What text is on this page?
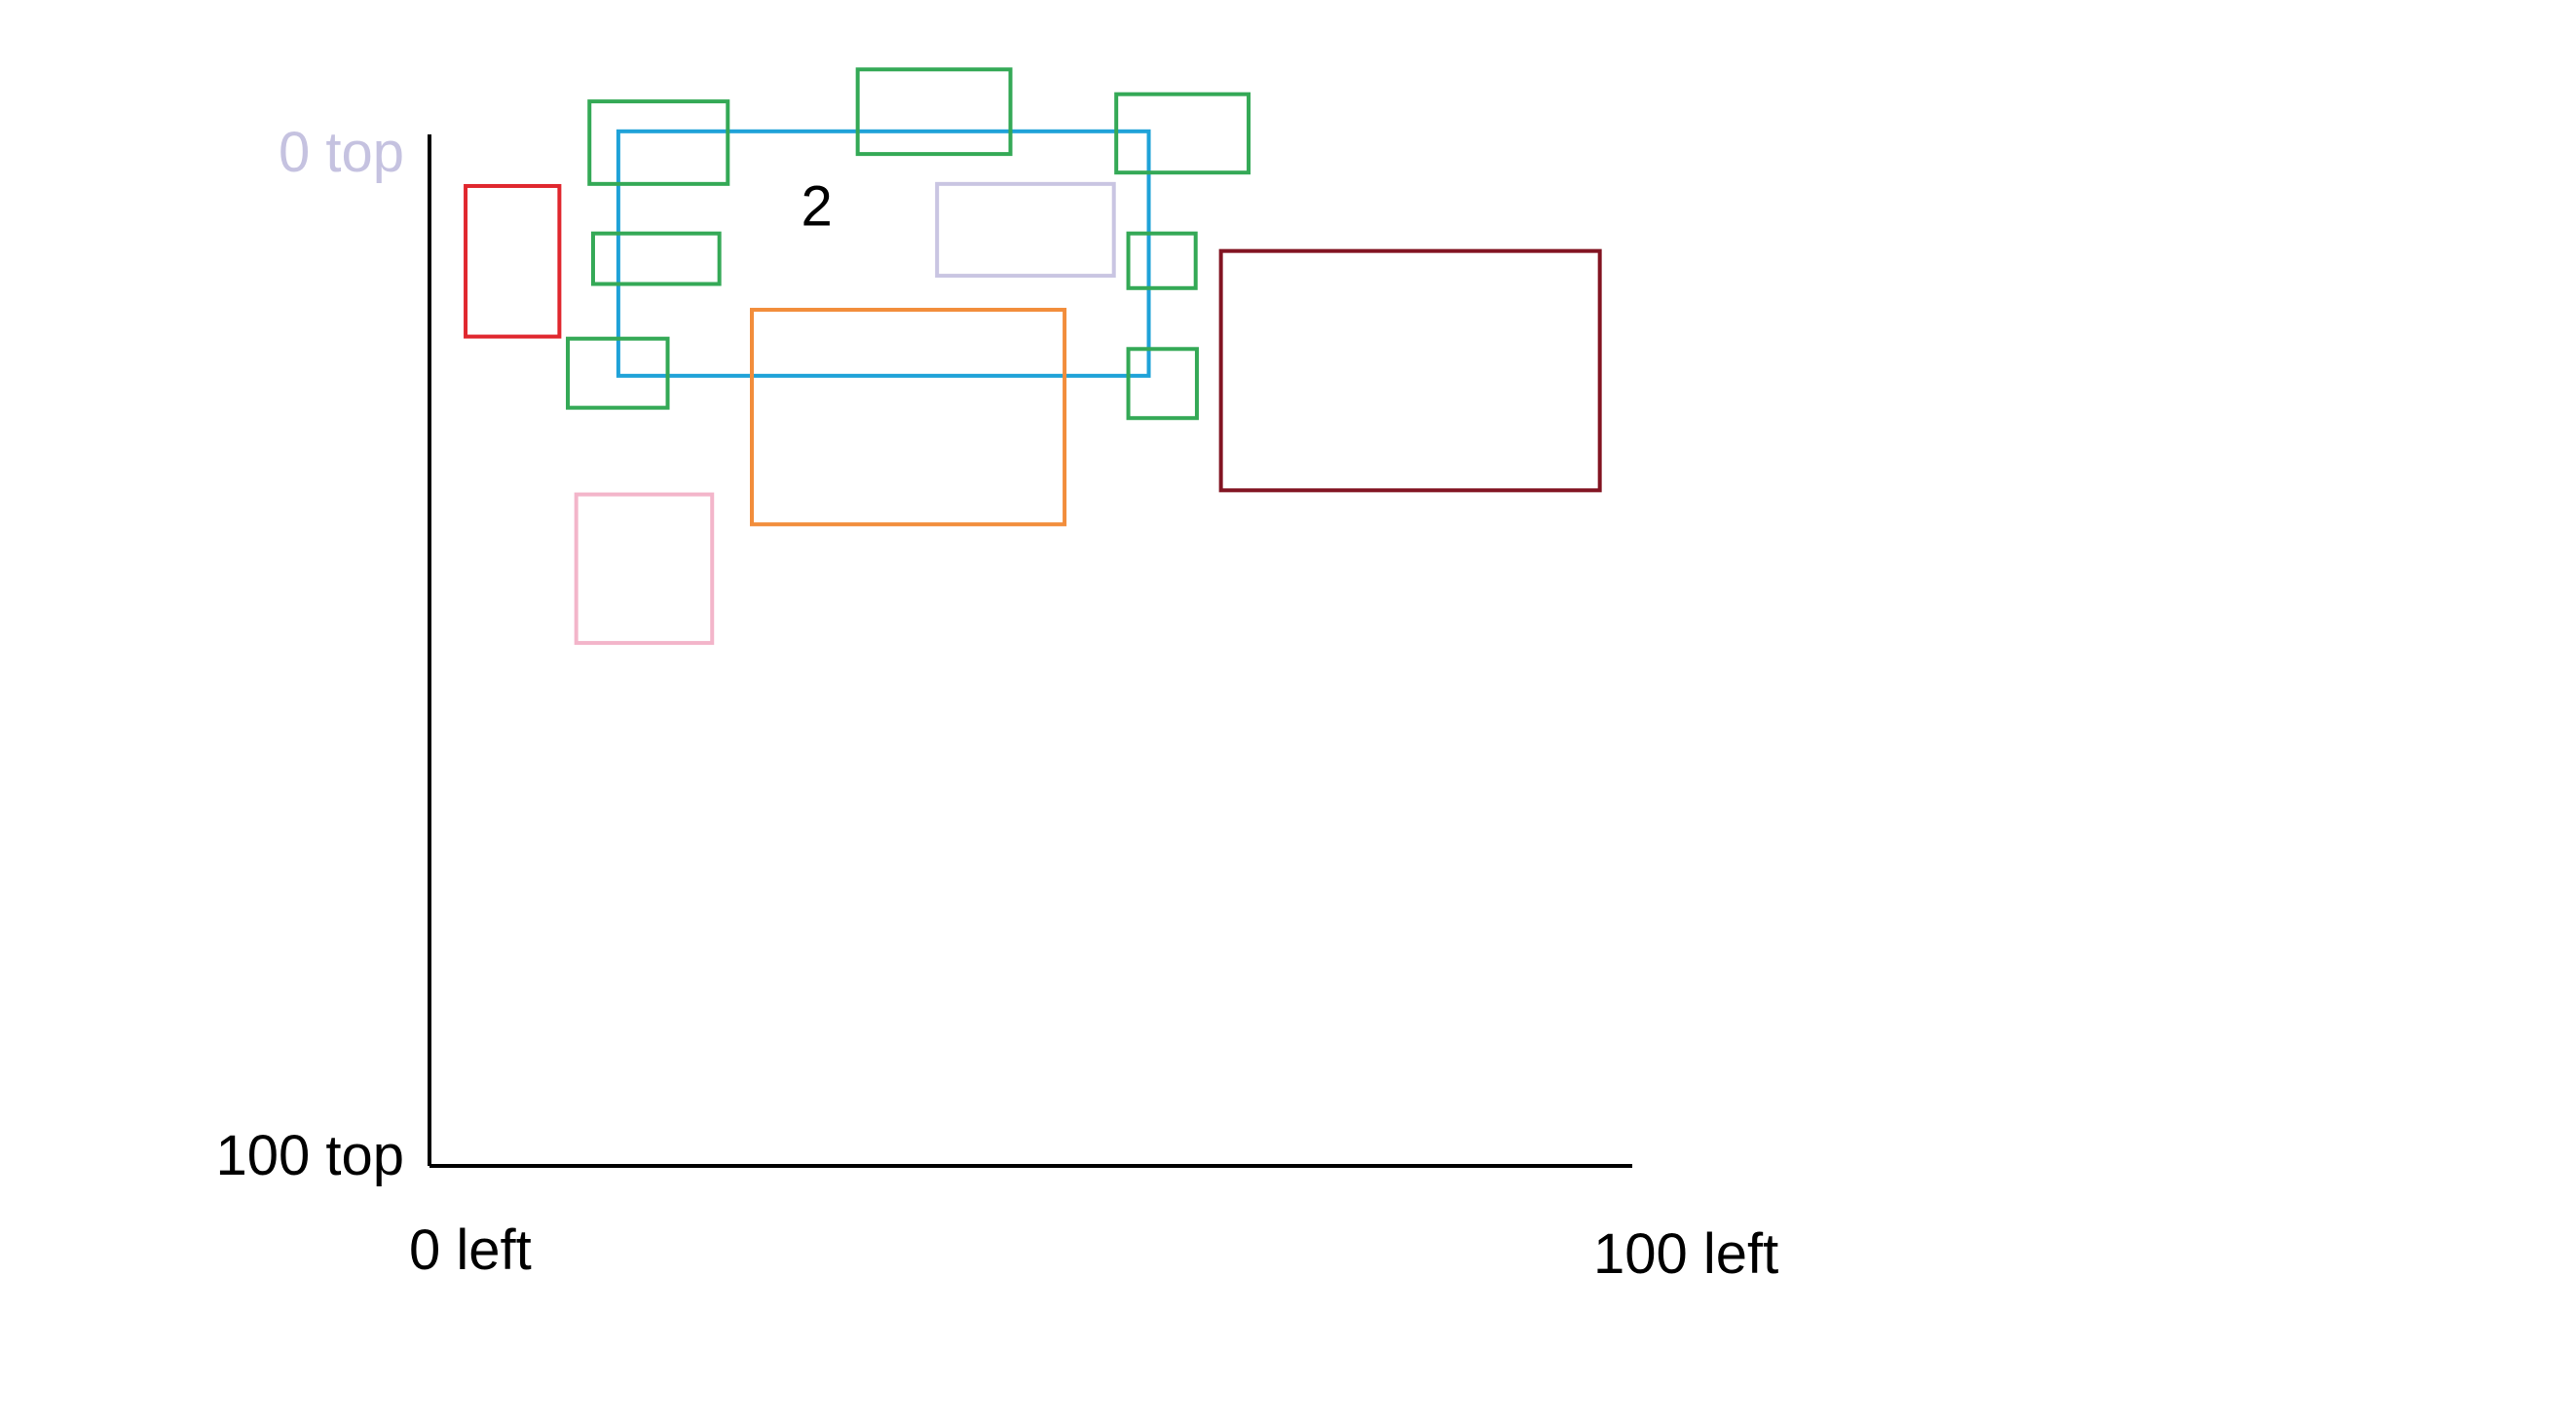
0 top
100 top
0 left	100 left
2
